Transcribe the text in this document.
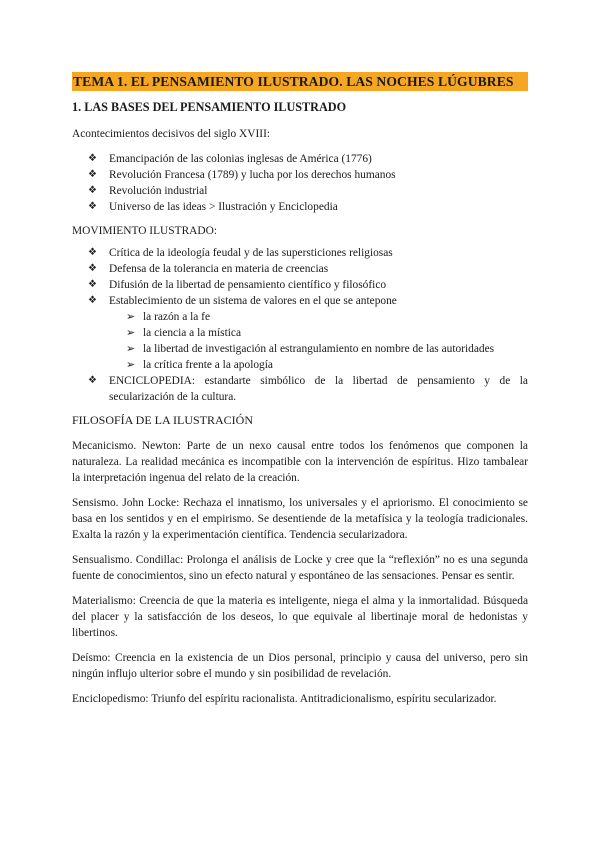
TEMA 1. EL PENSAMIENTO ILUSTRADO. LAS NOCHES LÚGUBRES
1. LAS BASES DEL PENSAMIENTO ILUSTRADO
Acontecimientos decisivos del siglo XVIII:
❖ Emancipación de las colonias inglesas de América (1776)
❖ Revolución Francesa (1789) y lucha por los derechos humanos
❖ Revolución industrial
❖ Universo de las ideas > Ilustración y Enciclopedia
MOVIMIENTO ILUSTRADO:
❖ Crítica de la ideología feudal y de las supersticiones religiosas
❖ Defensa de la tolerancia en materia de creencias
❖ Difusión de la libertad de pensamiento científico y filosófico
❖ Establecimiento de un sistema de valores en el que se antepone
➢ la razón a la fe
➢ la ciencia a la mística
➢ la libertad de investigación al estrangulamiento en nombre de las autoridades
➢ la crítica frente a la apología
❖ ENCICLOPEDIA: estandarte simbólico de la libertad de pensamiento y de la secularización de la cultura.
FILOSOFÍA DE LA ILUSTRACIÓN

Mecanicismo. Newton: Parte de un nexo causal entre todos los fenómenos que componen la naturaleza. La realidad mecánica es incompatible con la intervención de espíritus. Hizo tambalear la interpretación ingenua del relato de la creación.

Sensismo. John Locke: Rechaza el innatismo, los universales y el apriorismo. El conocimiento se basa en los sentidos y en el empirismo. Se desentiende de la metafísica y la teología tradicionales. Exalta la razón y la experimentación científica. Tendencia secularizadora.

Sensualismo. Condillac: Prolonga el análisis de Locke y cree que la “reflexión” no es una segunda fuente de conocimientos, sino un efecto natural y espontáneo de las sensaciones. Pensar es sentir.

Materialismo: Creencia de que la materia es inteligente, niega el alma y la inmortalidad. Búsqueda del placer y la satisfacción de los deseos, lo que equivale al libertinaje moral de hedonistas y libertinos.

Deísmo: Creencia en la existencia de un Dios personal, principio y causa del universo, pero sin ningún influjo ulterior sobre el mundo y sin posibilidad de revelación.

Enciclopedismo: Triunfo del espíritu racionalista. Antitradicionalismo, espíritu secularizador.
